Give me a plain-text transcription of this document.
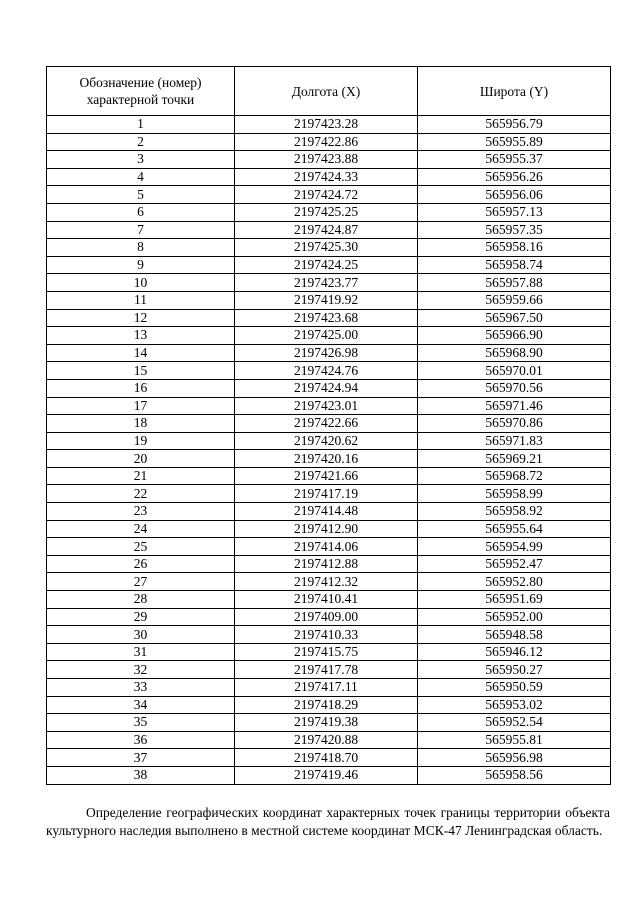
Обозначение (номер)
характерной точки	Долгота (X)	Широта (Y)

1	2197423.28	565956.79
2	2197422.86	565955.89
3	2197423.88	565955.37
4	2197424.33	565956.26
5	2197424.72	565956.06
6	2197425.25	565957.13
7	2197424.87	565957.35
8	2197425.30	565958.16
9	2197424.25	565958.74
10	2197423.77	565957.88
11	2197419.92	565959.66
12	2197423.68	565967.50
13	2197425.00	565966.90
14	2197426.98	565968.90
15	2197424.76	565970.01
16	2197424.94	565970.56
17	2197423.01	565971.46
18	2197422.66	565970.86
19	2197420.62	565971.83
20	2197420.16	565969.21
21	2197421.66	565968.72
22	2197417.19	565958.99
23	2197414.48	565958.92
24	2197412.90	565955.64
25	2197414.06	565954.99
26	2197412.88	565952.47
27	2197412.32	565952.80
28	2197410.41	565951.69
29	2197409.00	565952.00
30	2197410.33	565948.58
31	2197415.75	565946.12
32	2197417.78	565950.27
33	2197417.11	565950.59
34	2197418.29	565953.02
35	2197419.38	565952.54
36	2197420.88	565955.81
37	2197418.70	565956.98
38	2197419.46	565958.56

Определение географических координат характерных точек границы территории объекта культурного наследия выполнено в местной системе координат МСК-47 Ленинградская область.
